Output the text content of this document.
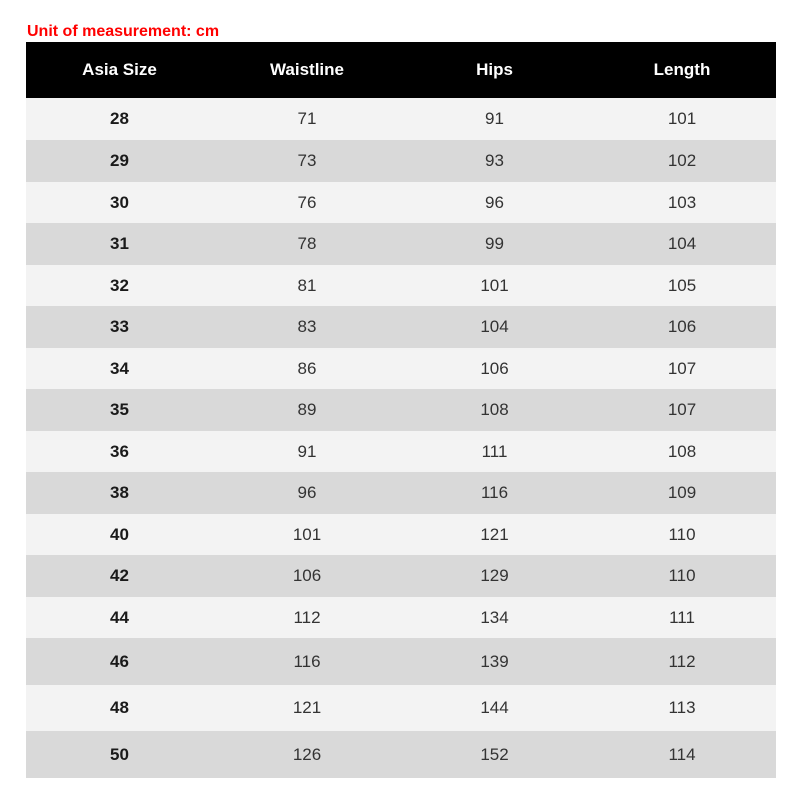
Unit of measurement: cm
Asia Size	Waistline	Hips	Length
28	71	91	101
29	73	93	102
30	76	96	103
31	78	99	104
32	81	101	105
33	83	104	106
34	86	106	107
35	89	108	107
36	91	111	108
38	96	116	109
40	101	121	110
42	106	129	110
44	112	134	111
46	116	139	112
48	121	144	113
50	126	152	114
